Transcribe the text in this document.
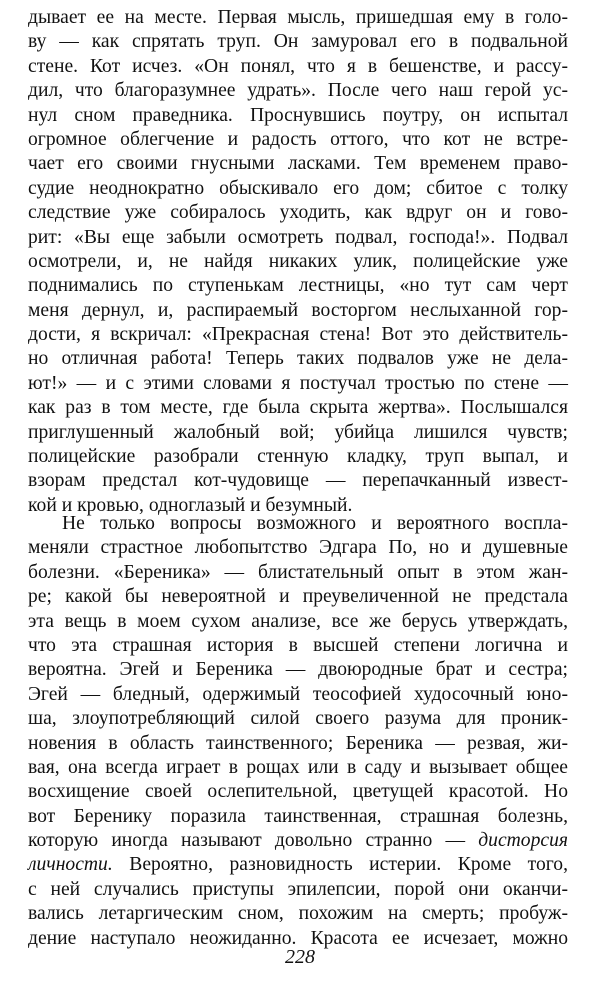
дывает ее на месте. Первая мысль, пришедшая ему в голо-
ву — как спрятать труп. Он замуровал его в подвальной
стене. Кот исчез. «Он понял, что я в бешенстве, и рассу-
дил, что благоразумнее удрать». После чего наш герой ус-
нул сном праведника. Проснувшись поутру, он испытал
огромное облегчение и радость оттого, что кот не встре-
чает его своими гнусными ласками. Тем временем право-
судие неоднократно обыскивало его дом; сбитое с толку
следствие уже собиралось уходить, как вдруг он и гово-
рит: «Вы еще забыли осмотреть подвал, господа!». Подвал
осмотрели, и, не найдя никаких улик, полицейские уже
поднимались по ступенькам лестницы, «но тут сам черт
меня дернул, и, распираемый восторгом неслыханной гор-
дости, я вскричал: «Прекрасная стена! Вот это действитель-
но отличная работа! Теперь таких подвалов уже не дела-
ют!» — и с этими словами я постучал тростью по стене —
как раз в том месте, где была скрыта жертва». Послышался
приглушенный жалобный вой; убийца лишился чувств;
полицейские разобрали стенную кладку, труп выпал, и
взорам предстал кот-чудовище — перепачканный извест-
кой и кровью, одноглазый и безумный.
Не только вопросы возможного и вероятного воспла-
меняли страстное любопытство Эдгара По, но и душевные
болезни. «Береника» — блистательный опыт в этом жан-
ре; какой бы невероятной и преувеличенной не предстала
эта вещь в моем сухом анализе, все же берусь утверждать,
что эта страшная история в высшей степени логична и
вероятна. Эгей и Береника — двоюродные брат и сестра;
Эгей — бледный, одержимый теософией худосочный юно-
ша, злоупотребляющий силой своего разума для проник-
новения в область таинственного; Береника — резвая, жи-
вая, она всегда играет в рощах или в саду и вызывает общее
восхищение своей ослепительной, цветущей красотой. Но
вот Беренику поразила таинственная, страшная болезнь,
которую иногда называют довольно странно — дисторсия
личности. Вероятно, разновидность истерии. Кроме того,
с ней случались приступы эпилепсии, порой они оканчи-
вались летаргическим сном, похожим на смерть; пробуж-
дение наступало неожиданно. Красота ее исчезает, можно
228
